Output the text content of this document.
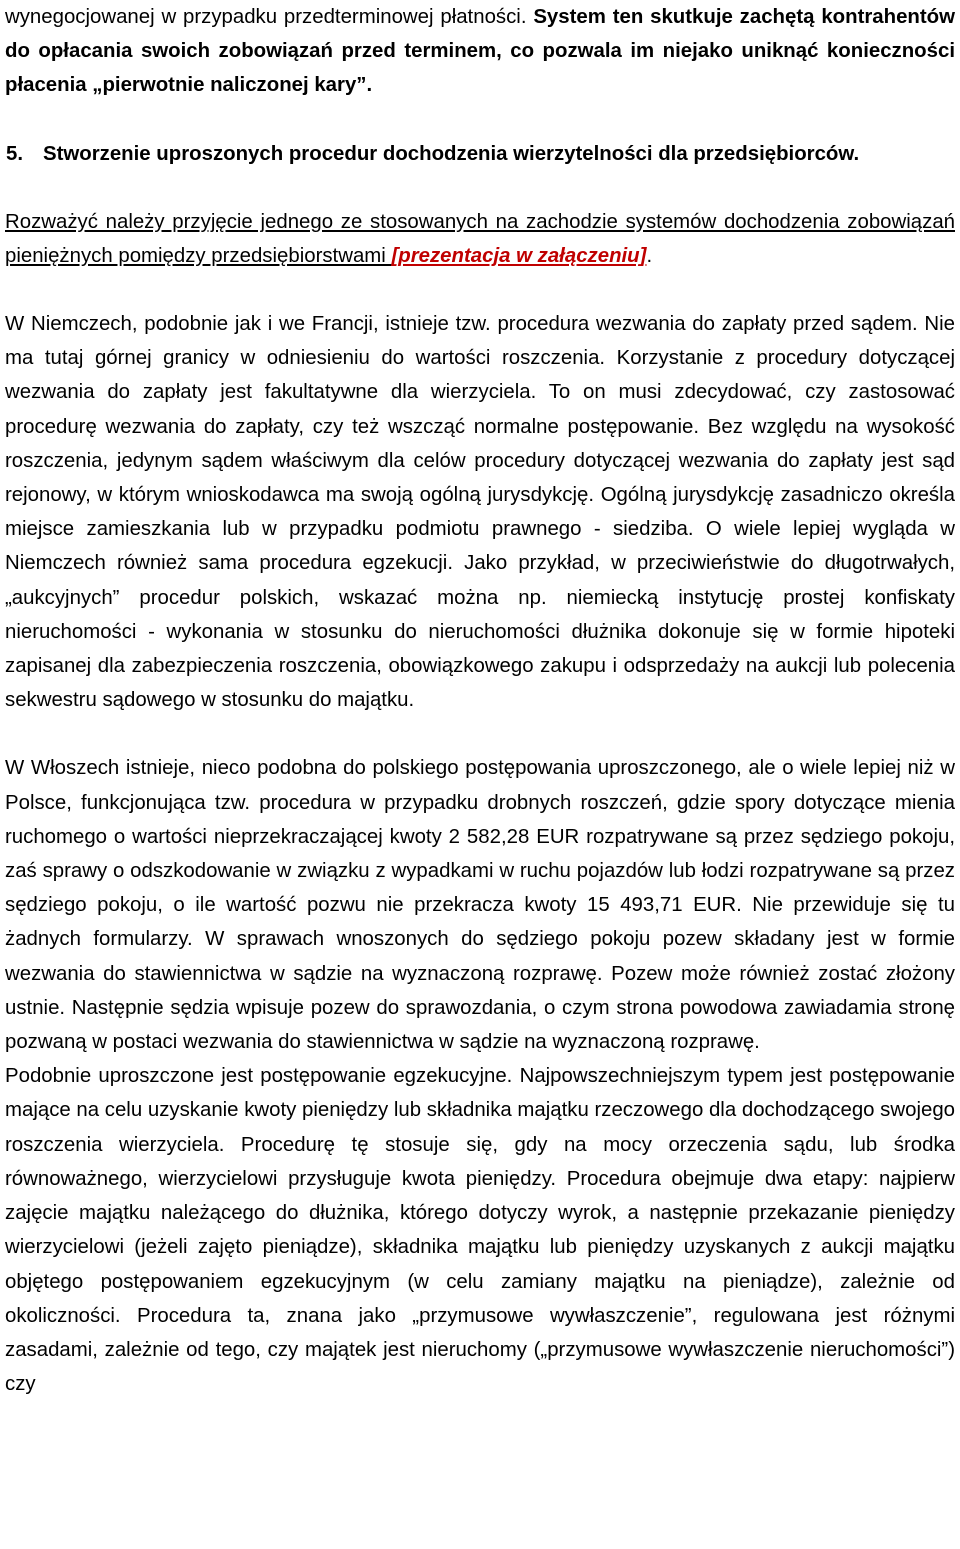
wynegocjowanej w przypadku przedterminowej płatności. System ten skutkuje zachętą kontrahentów do opłacania swoich zobowiązań przed terminem, co pozwala im niejako uniknąć konieczności płacenia „pierwotnie naliczonej kary”.

5. Stworzenie uproszonych procedur dochodzenia wierzytelności dla przedsiębiorców.

Rozważyć należy przyjęcie jednego ze stosowanych na zachodzie systemów dochodzenia zobowiązań pieniężnych pomiędzy przedsiębiorstwami [prezentacja w załączeniu].

W Niemczech, podobnie jak i we Francji, istnieje tzw. procedura wezwania do zapłaty przed sądem. Nie ma tutaj górnej granicy w odniesieniu do wartości roszczenia. Korzystanie z procedury dotyczącej wezwania do zapłaty jest fakultatywne dla wierzyciela. To on musi zdecydować, czy zastosować procedurę wezwania do zapłaty, czy też wszcząć normalne postępowanie. Bez względu na wysokość roszczenia, jedynym sądem właściwym dla celów procedury dotyczącej wezwania do zapłaty jest sąd rejonowy, w którym wnioskodawca ma swoją ogólną jurysdykcję. Ogólną jurysdykcję zasadniczo określa miejsce zamieszkania lub w przypadku podmiotu prawnego - siedziba. O wiele lepiej wygląda w Niemczech również sama procedura egzekucji. Jako przykład, w przeciwieństwie do długotrwałych, „aukcyjnych” procedur polskich, wskazać można np. niemiecką instytucję prostej konfiskaty nieruchomości - wykonania w stosunku do nieruchomości dłużnika dokonuje się w formie hipoteki zapisanej dla zabezpieczenia roszczenia, obowiązkowego zakupu i odsprzedaży na aukcji lub polecenia sekwestru sądowego w stosunku do majątku.

W Włoszech istnieje, nieco podobna do polskiego postępowania uproszczonego, ale o wiele lepiej niż w Polsce, funkcjonująca tzw. procedura w przypadku drobnych roszczeń, gdzie spory dotyczące mienia ruchomego o wartości nieprzekraczającej kwoty 2 582,28 EUR rozpatrywane są przez sędziego pokoju, zaś sprawy o odszkodowanie w związku z wypadkami w ruchu pojazdów lub łodzi rozpatrywane są przez sędziego pokoju, o ile wartość pozwu nie przekracza kwoty 15 493,71 EUR. Nie przewiduje się tu żadnych formularzy. W sprawach wnoszonych do sędziego pokoju pozew składany jest w formie wezwania do stawiennictwa w sądzie na wyznaczoną rozprawę. Pozew może również zostać złożony ustnie. Następnie sędzia wpisuje pozew do sprawozdania, o czym strona powodowa zawiadamia stronę pozwaną w postaci wezwania do stawiennictwa w sądzie na wyznaczoną rozprawę.

Podobnie uproszczone jest postępowanie egzekucyjne. Najpowszechniejszym typem jest postępowanie mające na celu uzyskanie kwoty pieniędzy lub składnika majątku rzeczowego dla dochodzącego swojego roszczenia wierzyciela. Procedurę tę stosuje się, gdy na mocy orzeczenia sądu, lub środka równoważnego, wierzycielowi przysługuje kwota pieniędzy. Procedura obejmuje dwa etapy: najpierw zajęcie majątku należącego do dłużnika, którego dotyczy wyrok, a następnie przekazanie pieniędzy wierzycielowi (jeżeli zajęto pieniądze), składnika majątku lub pieniędzy uzyskanych z aukcji majątku objętego postępowaniem egzekucyjnym (w celu zamiany majątku na pieniądze), zależnie od okoliczności. Procedura ta, znana jako „przymusowe wywłaszczenie”, regulowana jest różnymi zasadami, zależnie od tego, czy majątek jest nieruchomy („przymusowe wywłaszczenie nieruchomości”) czy
